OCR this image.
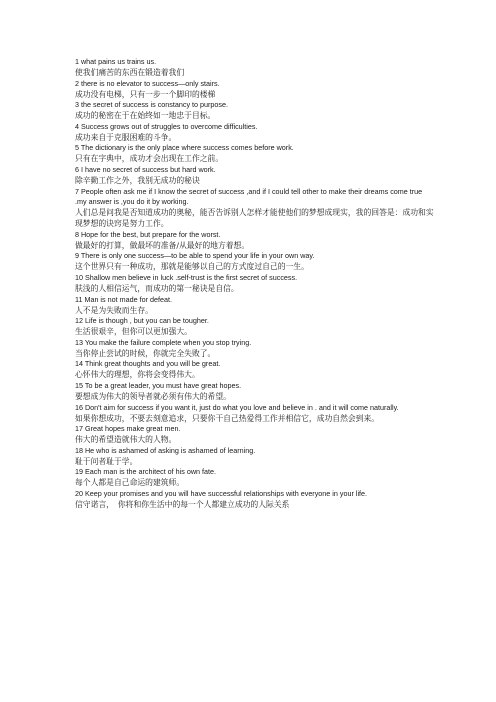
1 what pains us trains us.

使我们痛苦的东西在锻造着我们

2 there is no elevator to success—only stairs.

成功没有电梯，只有一步一个脚印的楼梯

3 the secret of success is constancy to purpose.

成功的秘密在于在始终如一地忠于目标。

4 Success grows out of struggles to overcome difficulties.

成功来自于克服困难的斗争。

5 The dictionary is the only place where success comes before work.

只有在字典中，成功才会出现在工作之前。

6 I have no secret of success but hard work.

除辛勤工作之外，我别无成功的秘诀

7 People often ask me if I know the secret of success ,and if I could tell other to make their dreams come true .my answer is ,you do it by working.

人们总是问我是否知道成功的奥秘，能否告诉别人怎样才能使他们的梦想成现实，我的回答是：成功和实现梦想的诀窍是努力工作。

8 Hope for the best, but prepare for the worst.

做最好的打算，做最坏的准备/从最好的地方着想。

9 There is only one success—to be able to spend your life in your own way.

这个世界只有一种成功，那就是能够以自己的方式度过自己的一生。

10 Shallow men believe in luck .self-trust is the first secret of success.

肤浅的人相信运气，而成功的第一秘诀是自信。

11 Man is not made for defeat.

人不是为失败而生存。

12 Life is though , but you can be tougher.

生活很艰辛，但你可以更加强大。

13 You make the failure complete when you stop trying.

当你停止尝试的时候，你就完全失败了。

14 Think great thoughts and you will be great.

心怀伟大的理想，你将会变得伟大。

15 To be a great leader, you must have great hopes.

要想成为伟大的领导者就必须有伟大的希望。

16 Don't aim for success if you want it, just do what you love and believe in . and it will come naturally.

如果你想成功，不要去刻意追求，只要你干自己热爱得工作并相信它，成功自然会到来。

17 Great hopes make great men.

伟大的希望造就伟大的人物。

18 He who is ashamed of asking is ashamed of learning.

耻于问者耻于学。

19 Each man is the architect of his own fate.

每个人都是自己命运的建筑师。

20 Keep your promises and you will have successful relationships with everyone in your life.

信守诺言，　你将和你生活中的每一个人都建立成功的人际关系
